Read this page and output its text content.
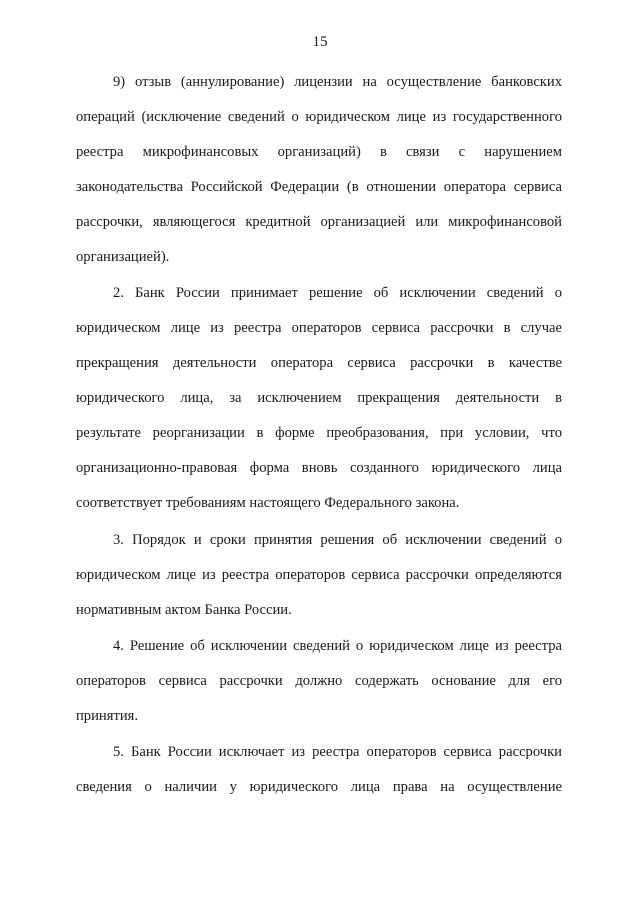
15
9) отзыв (аннулирование) лицензии на осуществление банковских
операций (исключение сведений о юридическом лице из государственного
реестра микрофинансовых организаций) в связи с нарушением
законодательства Российской Федерации (в отношении оператора сервиса
рассрочки, являющегося кредитной организацией или микрофинансовой
организацией).
2. Банк России принимает решение об исключении сведений о
юридическом лице из реестра операторов сервиса рассрочки в случае
прекращения деятельности оператора сервиса рассрочки в качестве
юридического лица, за исключением прекращения деятельности в
результате реорганизации в форме преобразования, при условии, что
организационно-правовая форма вновь созданного юридического лица
соответствует требованиям настоящего Федерального закона.
3. Порядок и сроки принятия решения об исключении сведений о
юридическом лице из реестра операторов сервиса рассрочки определяются
нормативным актом Банка России.
4. Решение об исключении сведений о юридическом лице из реестра
операторов сервиса рассрочки должно содержать основание для его
принятия.
5. Банк России исключает из реестра операторов сервиса рассрочки
сведения о наличии у юридического лица права на осуществление
